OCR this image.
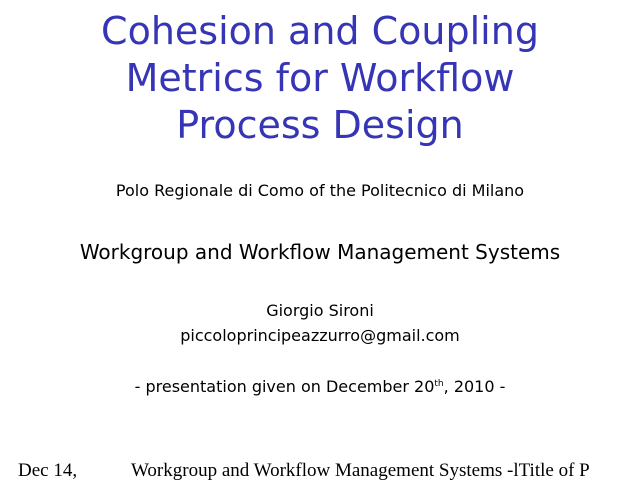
Cohesion and Coupling
Metrics for Workflow
Process Design

Polo Regionale di Como of the Politecnico di Milano

Workgroup and Workflow Management Systems

Giorgio Sironi

piccoloprincipeazzurro@gmail.com

- presentation given on December 20th, 2010 -

Dec 14,	Workgroup and Workflow Management Systems -lTitle of P
